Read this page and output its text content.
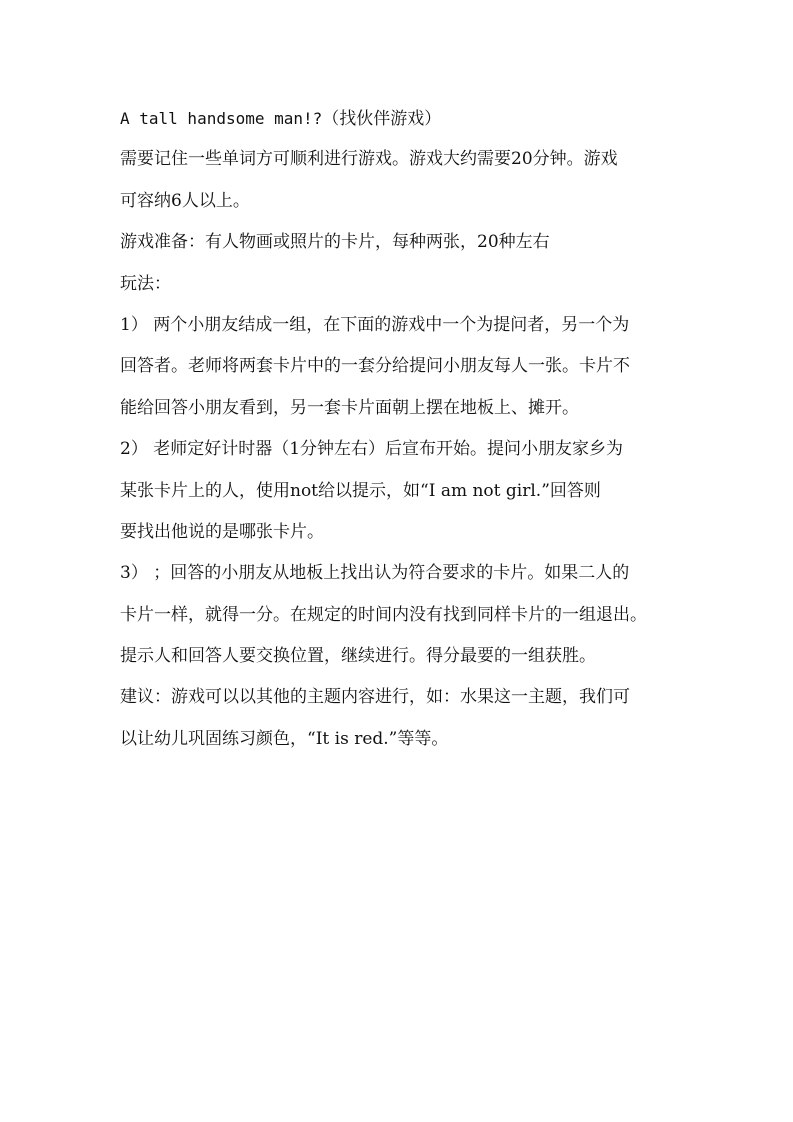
A tall handsome man!?（找伙伴游戏）
需要记住一些单词方可顺利进行游戏。游戏大约需要20分钟。游戏
可容纳6人以上。
游戏准备：有人物画或照片的卡片，每种两张，20种左右
玩法：
1） 两个小朋友结成一组，在下面的游戏中一个为提问者，另一个为
回答者。老师将两套卡片中的一套分给提问小朋友每人一张。卡片不
能给回答小朋友看到，另一套卡片面朝上摆在地板上、摊开。
2） 老师定好计时器（1分钟左右）后宣布开始。提问小朋友家乡为
某张卡片上的人，使用not给以提示，如“I am not girl.”回答则
要找出他说的是哪张卡片。
3） ；回答的小朋友从地板上找出认为符合要求的卡片。如果二人的
卡片一样，就得一分。在规定的时间内没有找到同样卡片的一组退出。
提示人和回答人要交换位置，继续进行。得分最要的一组获胜。
建议：游戏可以以其他的主题内容进行，如：水果这一主题，我们可
以让幼儿巩固练习颜色，“It is red.”等等。
